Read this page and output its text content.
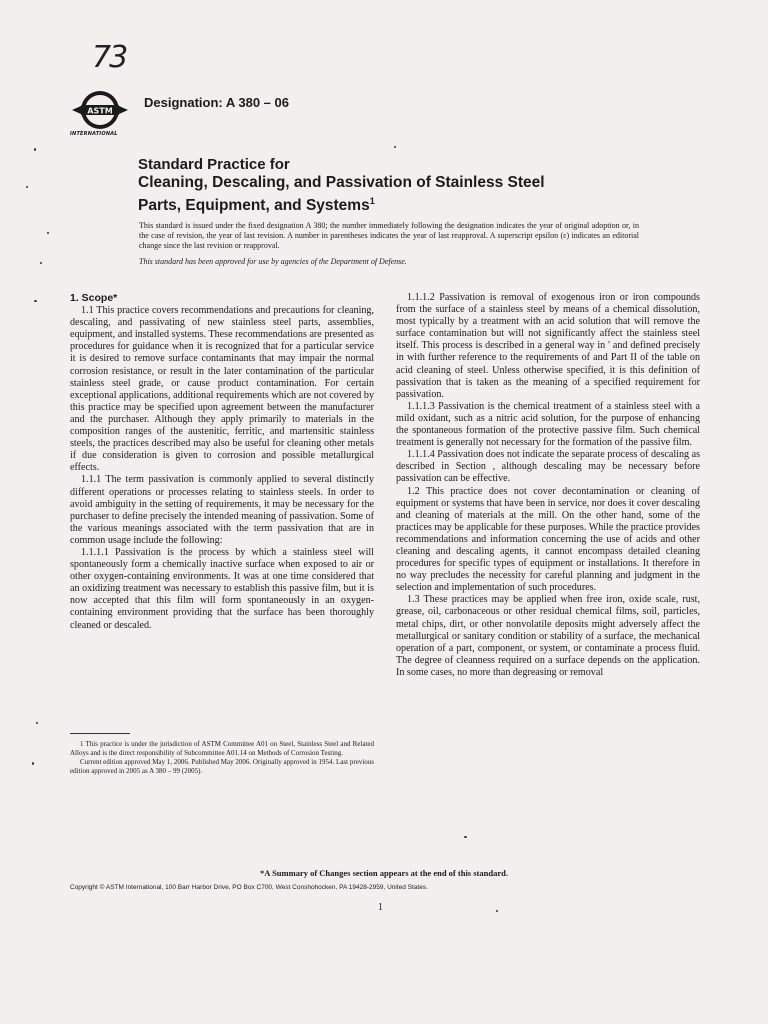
73
ASTM
INTERNATIONAL
Designation: A 380 – 06
Standard Practice for
Cleaning, Descaling, and Passivation of Stainless Steel
Parts, Equipment, and Systems$^1$
This standard is issued under the fixed designation A 380; the number immediately following the designation indicates the year of original adoption or, in the case of revision, the year of last revision. A number in parentheses indicates the year of last reapproval. A superscript epsilon (ε) indicates an editorial change since the last revision or reapproval.
This standard has been approved for use by agencies of the Department of Defense.
1. Scope*

1.1 This practice covers recommendations and precautions for cleaning, descaling, and passivating of new stainless steel parts, assemblies, equipment, and installed systems. These recommendations are presented as procedures for guidance when it is recognized that for a particular service it is desired to remove surface contaminants that may impair the normal corrosion resistance, or result in the later contamination of the particular stainless steel grade, or cause product contamination. For certain exceptional applications, additional requirements which are not covered by this practice may be specified upon agreement between the manufacturer and the purchaser. Although they apply primarily to materials in the composition ranges of the austenitic, ferritic, and martensitic stainless steels, the practices described may also be useful for cleaning other metals if due consideration is given to corrosion and possible metallurgical effects.

1.1.1 The term passivation is commonly applied to several distinctly different operations or processes relating to stainless steels. In order to avoid ambiguity in the setting of requirements, it may be necessary for the purchaser to define precisely the intended meaning of passivation. Some of the various meanings associated with the term passivation that are in common usage include the following:

1.1.1.1 Passivation is the process by which a stainless steel will spontaneously form a chemically inactive surface when exposed to air or other oxygen-containing environments. It was at one time considered that an oxidizing treatment was necessary to establish this passive film, but it is now accepted that this film will form spontaneously in an oxygen-containing environment providing that the surface has been thoroughly cleaned or descaled.

1 This practice is under the jurisdiction of ASTM Committee A01 on Steel, Stainless Steel and Related Alloys and is the direct responsibility of Subcommittee A01.14 on Methods of Corrosion Testing.

Current edition approved May 1, 2006. Published May 2006. Originally approved in 1954. Last previous edition approved in 2005 as A 380 – 99 (2005).

1.1.1.2 Passivation is removal of exogenous iron or iron compounds from the surface of a stainless steel by means of a chemical dissolution, most typically by a treatment with an acid solution that will remove the surface contamination but will not significantly affect the stainless steel itself. This process is described in a general way in ' and defined precisely in with further reference to the requirements of and Part II of the table on acid cleaning of steel. Unless otherwise specified, it is this definition of passivation that is taken as the meaning of a specified requirement for passivation.

1.1.1.3 Passivation is the chemical treatment of a stainless steel with a mild oxidant, such as a nitric acid solution, for the purpose of enhancing the spontaneous formation of the protective passive film. Such chemical treatment is generally not necessary for the formation of the passive film.

1.1.1.4 Passivation does not indicate the separate process of descaling as described in Section , although descaling may be necessary before passivation can be effective.

1.2 This practice does not cover decontamination or cleaning of equipment or systems that have been in service, nor does it cover descaling and cleaning of materials at the mill. On the other hand, some of the practices may be applicable for these purposes. While the practice provides recommendations and information concerning the use of acids and other cleaning and descaling agents, it cannot encompass detailed cleaning procedures for specific types of equipment or installations. It therefore in no way precludes the necessity for careful planning and judgment in the selection and implementation of such procedures.

1.3 These practices may be applied when free iron, oxide scale, rust, grease, oil, carbonaceous or other residual chemical films, soil, particles, metal chips, dirt, or other nonvolatile deposits might adversely affect the metallurgical or sanitary condition or stability of a surface, the mechanical operation of a part, component, or system, or contaminate a process fluid. The degree of cleanness required on a surface depends on the application. In some cases, no more than degreasing or removal

*A Summary of Changes section appears at the end of this standard.
Copyright © ASTM International, 100 Barr Harbor Drive, PO Box C700, West Conshohocken, PA 19428-2959, United States.
1
